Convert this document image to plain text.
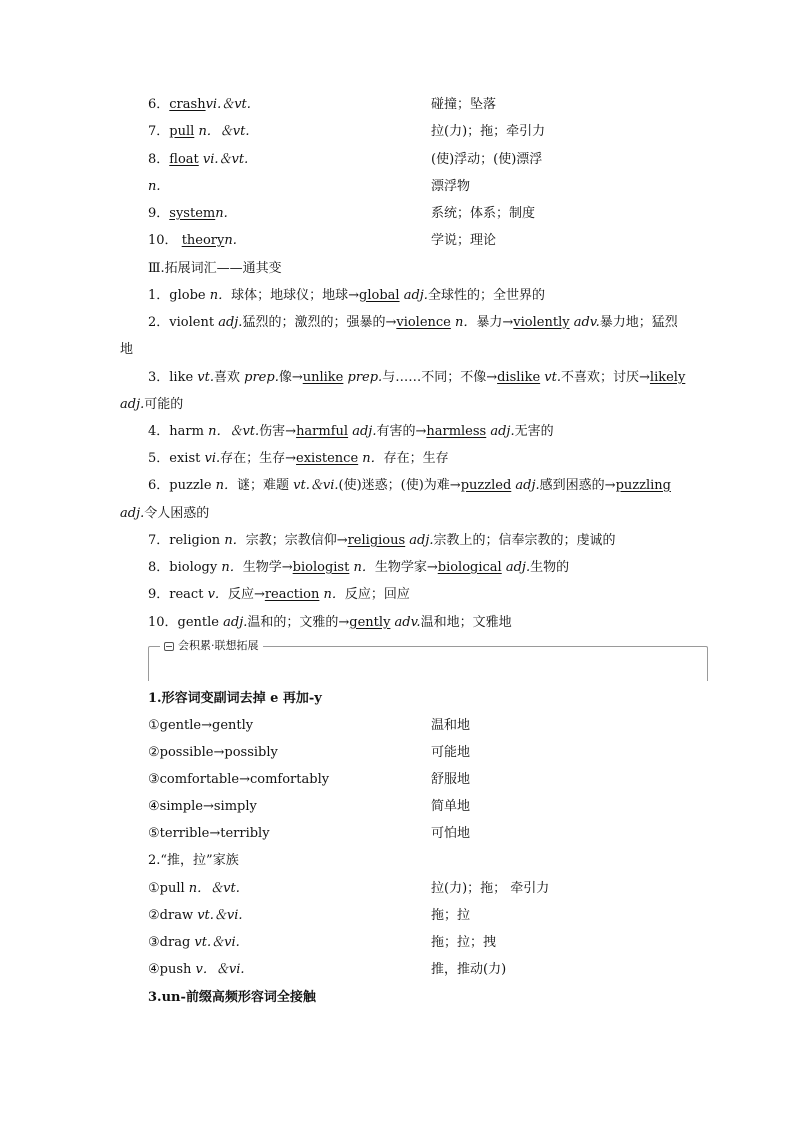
6．crashvi.＆vt.	碰撞；坠落
7．pull n．＆vt.	拉(力)；拖；牵引力
8．float vi.＆vt.	(使)浮动；(使)漂浮
n.	漂浮物
9．systemn.	系统；体系；制度
10． theoryn.	学说；理论
Ⅲ.拓展词汇——通其变
1．globe n．球体；地球仪；地球→global adj.全球性的；全世界的
2．violent adj.猛烈的；激烈的；强暴的→violence n．暴力→violently adv.暴力地；猛烈
地
3．like vt.喜欢 prep.像→unlike prep.与……不同；不像→dislike vt.不喜欢；讨厌→likely
adj.可能的
4．harm n．＆vt.伤害→harmful adj.有害的→harmless adj.无害的
5．exist vi.存在；生存→existence n．存在；生存
6．puzzle n．谜；难题 vt.＆vi.(使)迷惑；(使)为难→puzzled adj.感到困惑的→puzzling
adj.令人困惑的
7．religion n．宗教；宗教信仰→religious adj.宗教上的；信奉宗教的；虔诚的
8．biology n．生物学→biologist n．生物学家→biological adj.生物的
9．react v．反应→reaction n．反应；回应
10．gentle adj.温和的；文雅的→gently adv.温和地；文雅地
会积累·联想拓展
1.形容词变副词去掉 e 再加-y
①gentle→gently	温和地
②possible→possibly	可能地
③comfortable→comfortably	舒服地
④simple→simply	简单地
⑤terrible→terribly	可怕地
2.“推，拉”家族
①pull n．＆vt.	拉(力)；拖； 牵引力
②draw vt.＆vi.	拖；拉
③drag vt.＆vi.	拖；拉；拽
④push v．＆vi.	推，推动(力)
3.un-前缀高频形容词全接触
